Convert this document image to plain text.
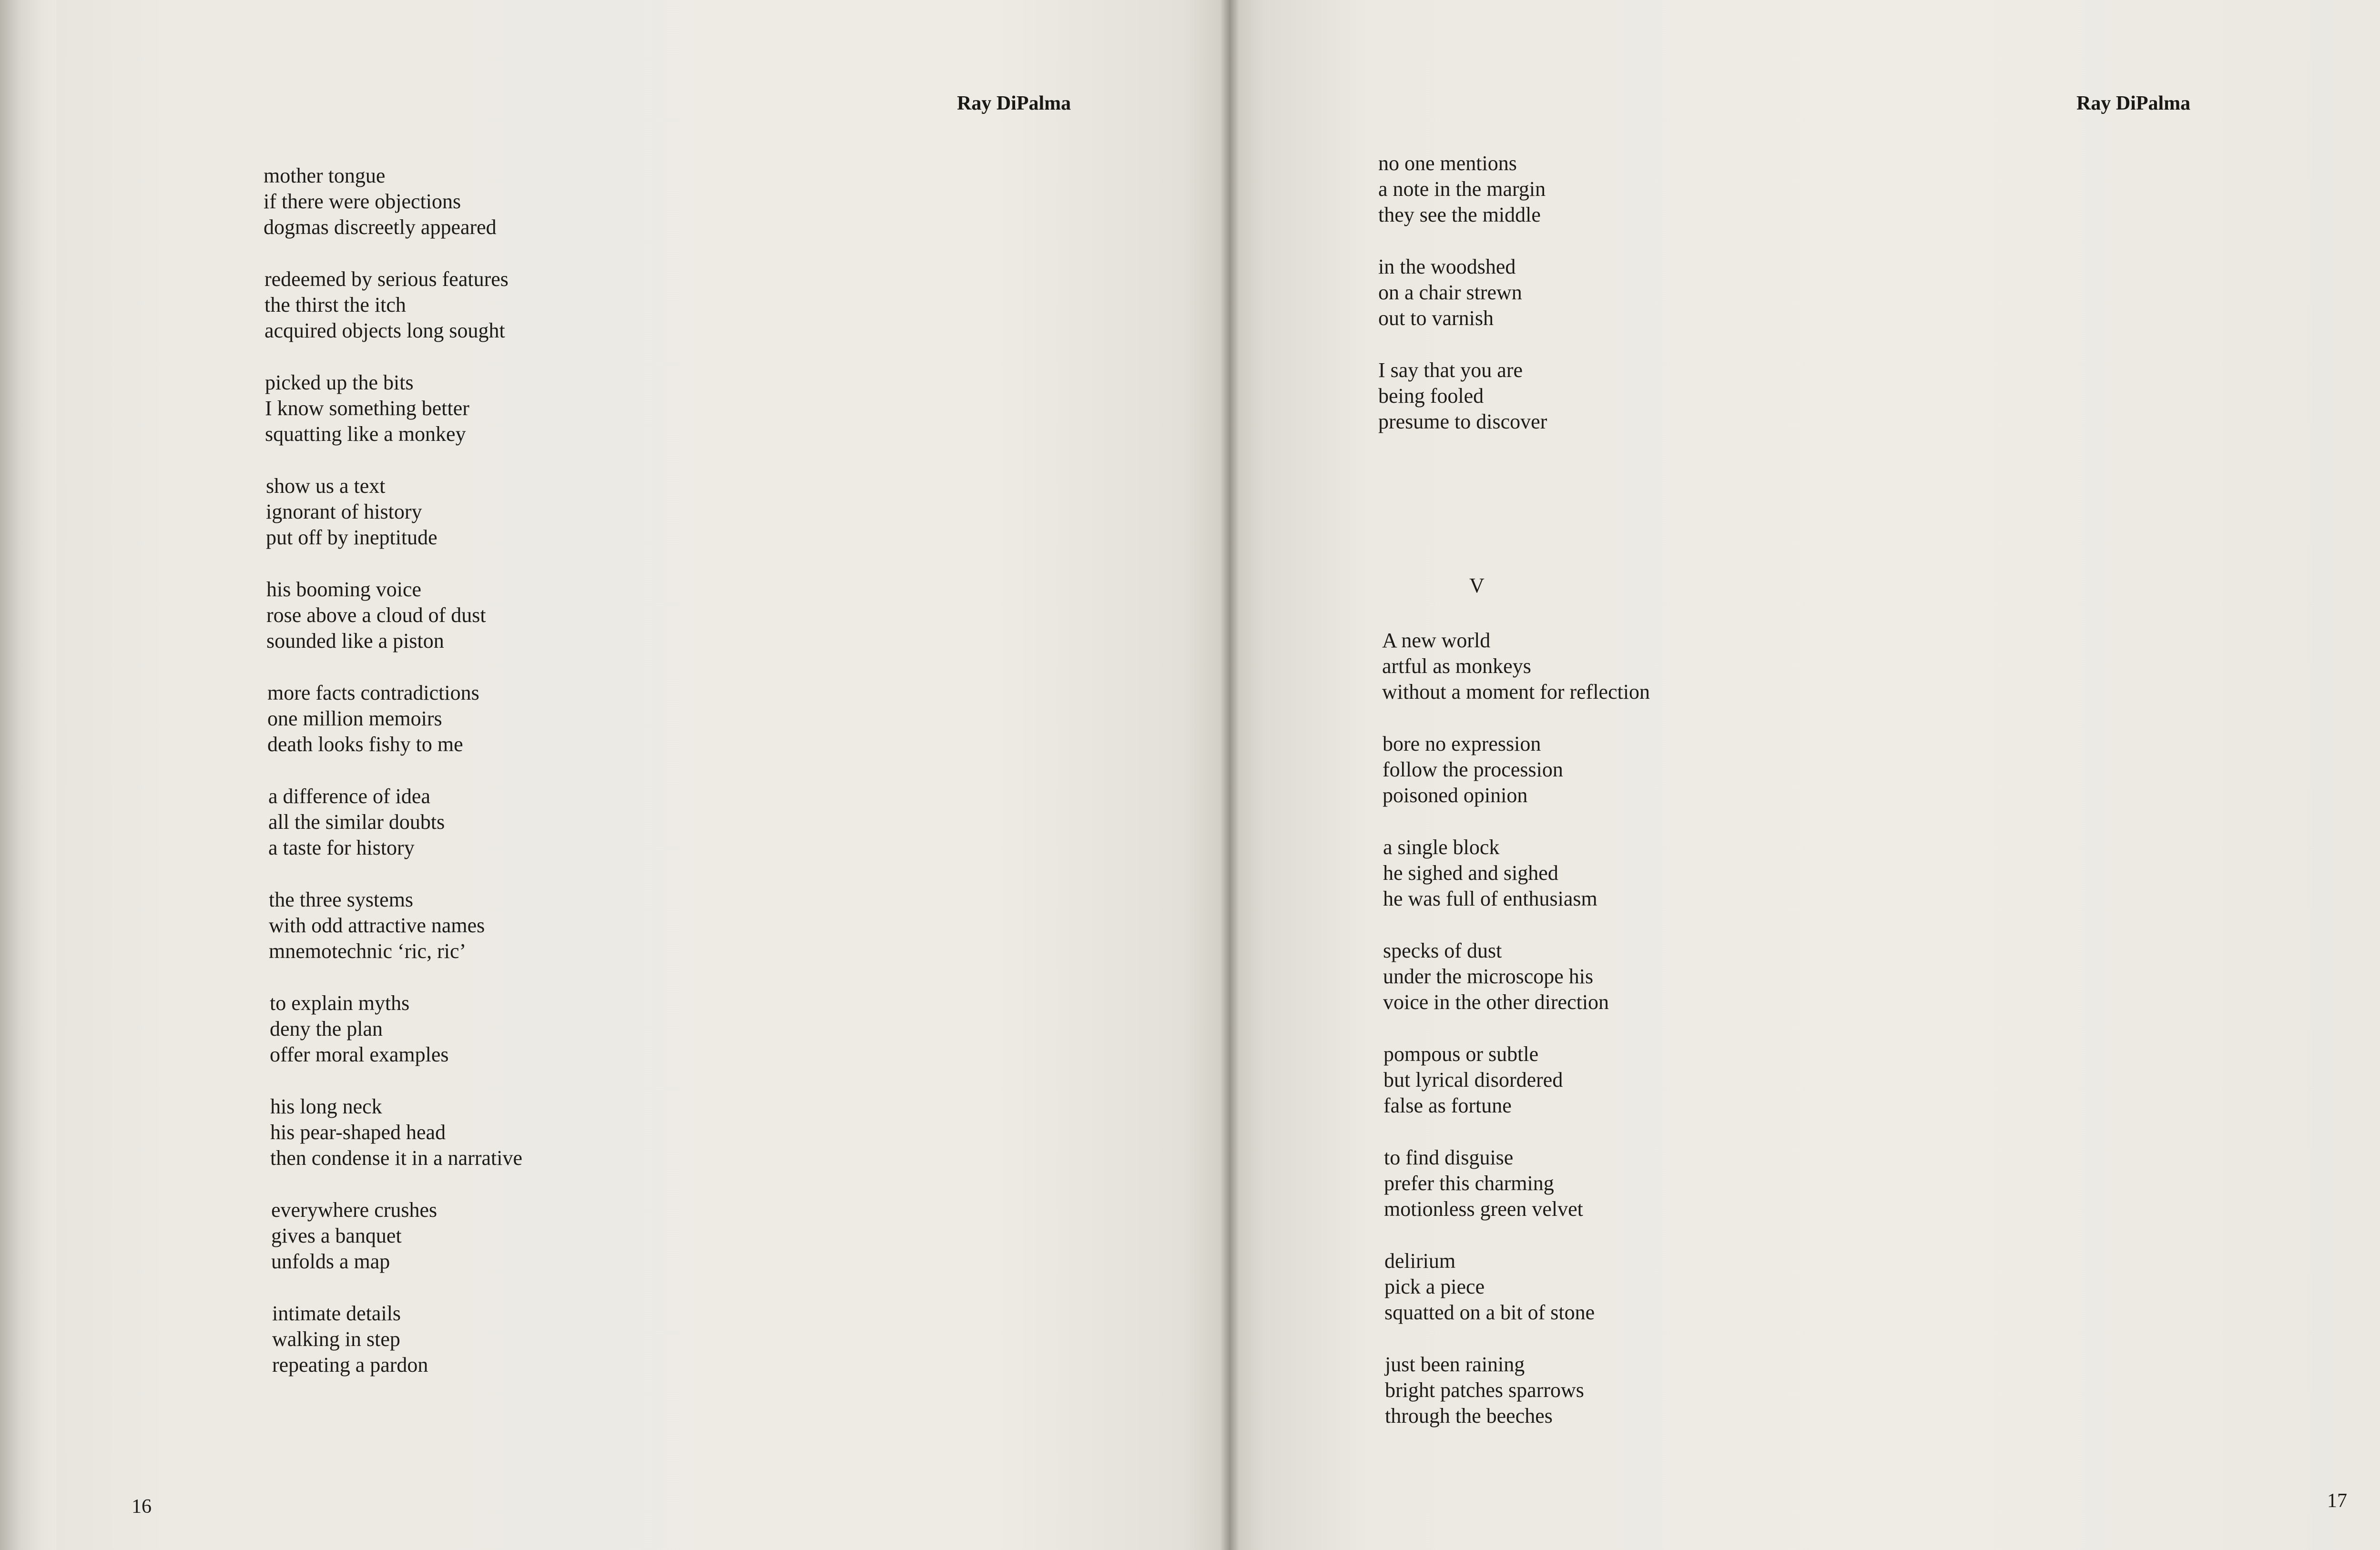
Ray DiPalma
mother tongue
if there were objections
dogmas discreetly appeared
redeemed by serious features
the thirst the itch
acquired objects long sought
picked up the bits
I know something better
squatting like a monkey
show us a text
ignorant of history
put off by ineptitude
his booming voice
rose above a cloud of dust
sounded like a piston
more facts contradictions
one million memoirs
death looks fishy to me
a difference of idea
all the similar doubts
a taste for history
the three systems
with odd attractive names
mnemotechnic ‘ric, ric’
to explain myths
deny the plan
offer moral examples
his long neck
his pear-shaped head
then condense it in a narrative
everywhere crushes
gives a banquet
unfolds a map
intimate details
walking in step
repeating a pardon
16
Ray DiPalma
no one mentions
a note in the margin
they see the middle
in the woodshed
on a chair strewn
out to varnish
I say that you are
being fooled
presume to discover
V
A new world
artful as monkeys
without a moment for reflection
bore no expression
follow the procession
poisoned opinion
a single block
he sighed and sighed
he was full of enthusiasm
specks of dust
under the microscope his
voice in the other direction
pompous or subtle
but lyrical disordered
false as fortune
to find disguise
prefer this charming
motionless green velvet
delirium
pick a piece
squatted on a bit of stone
just been raining
bright patches sparrows
through the beeches
17
